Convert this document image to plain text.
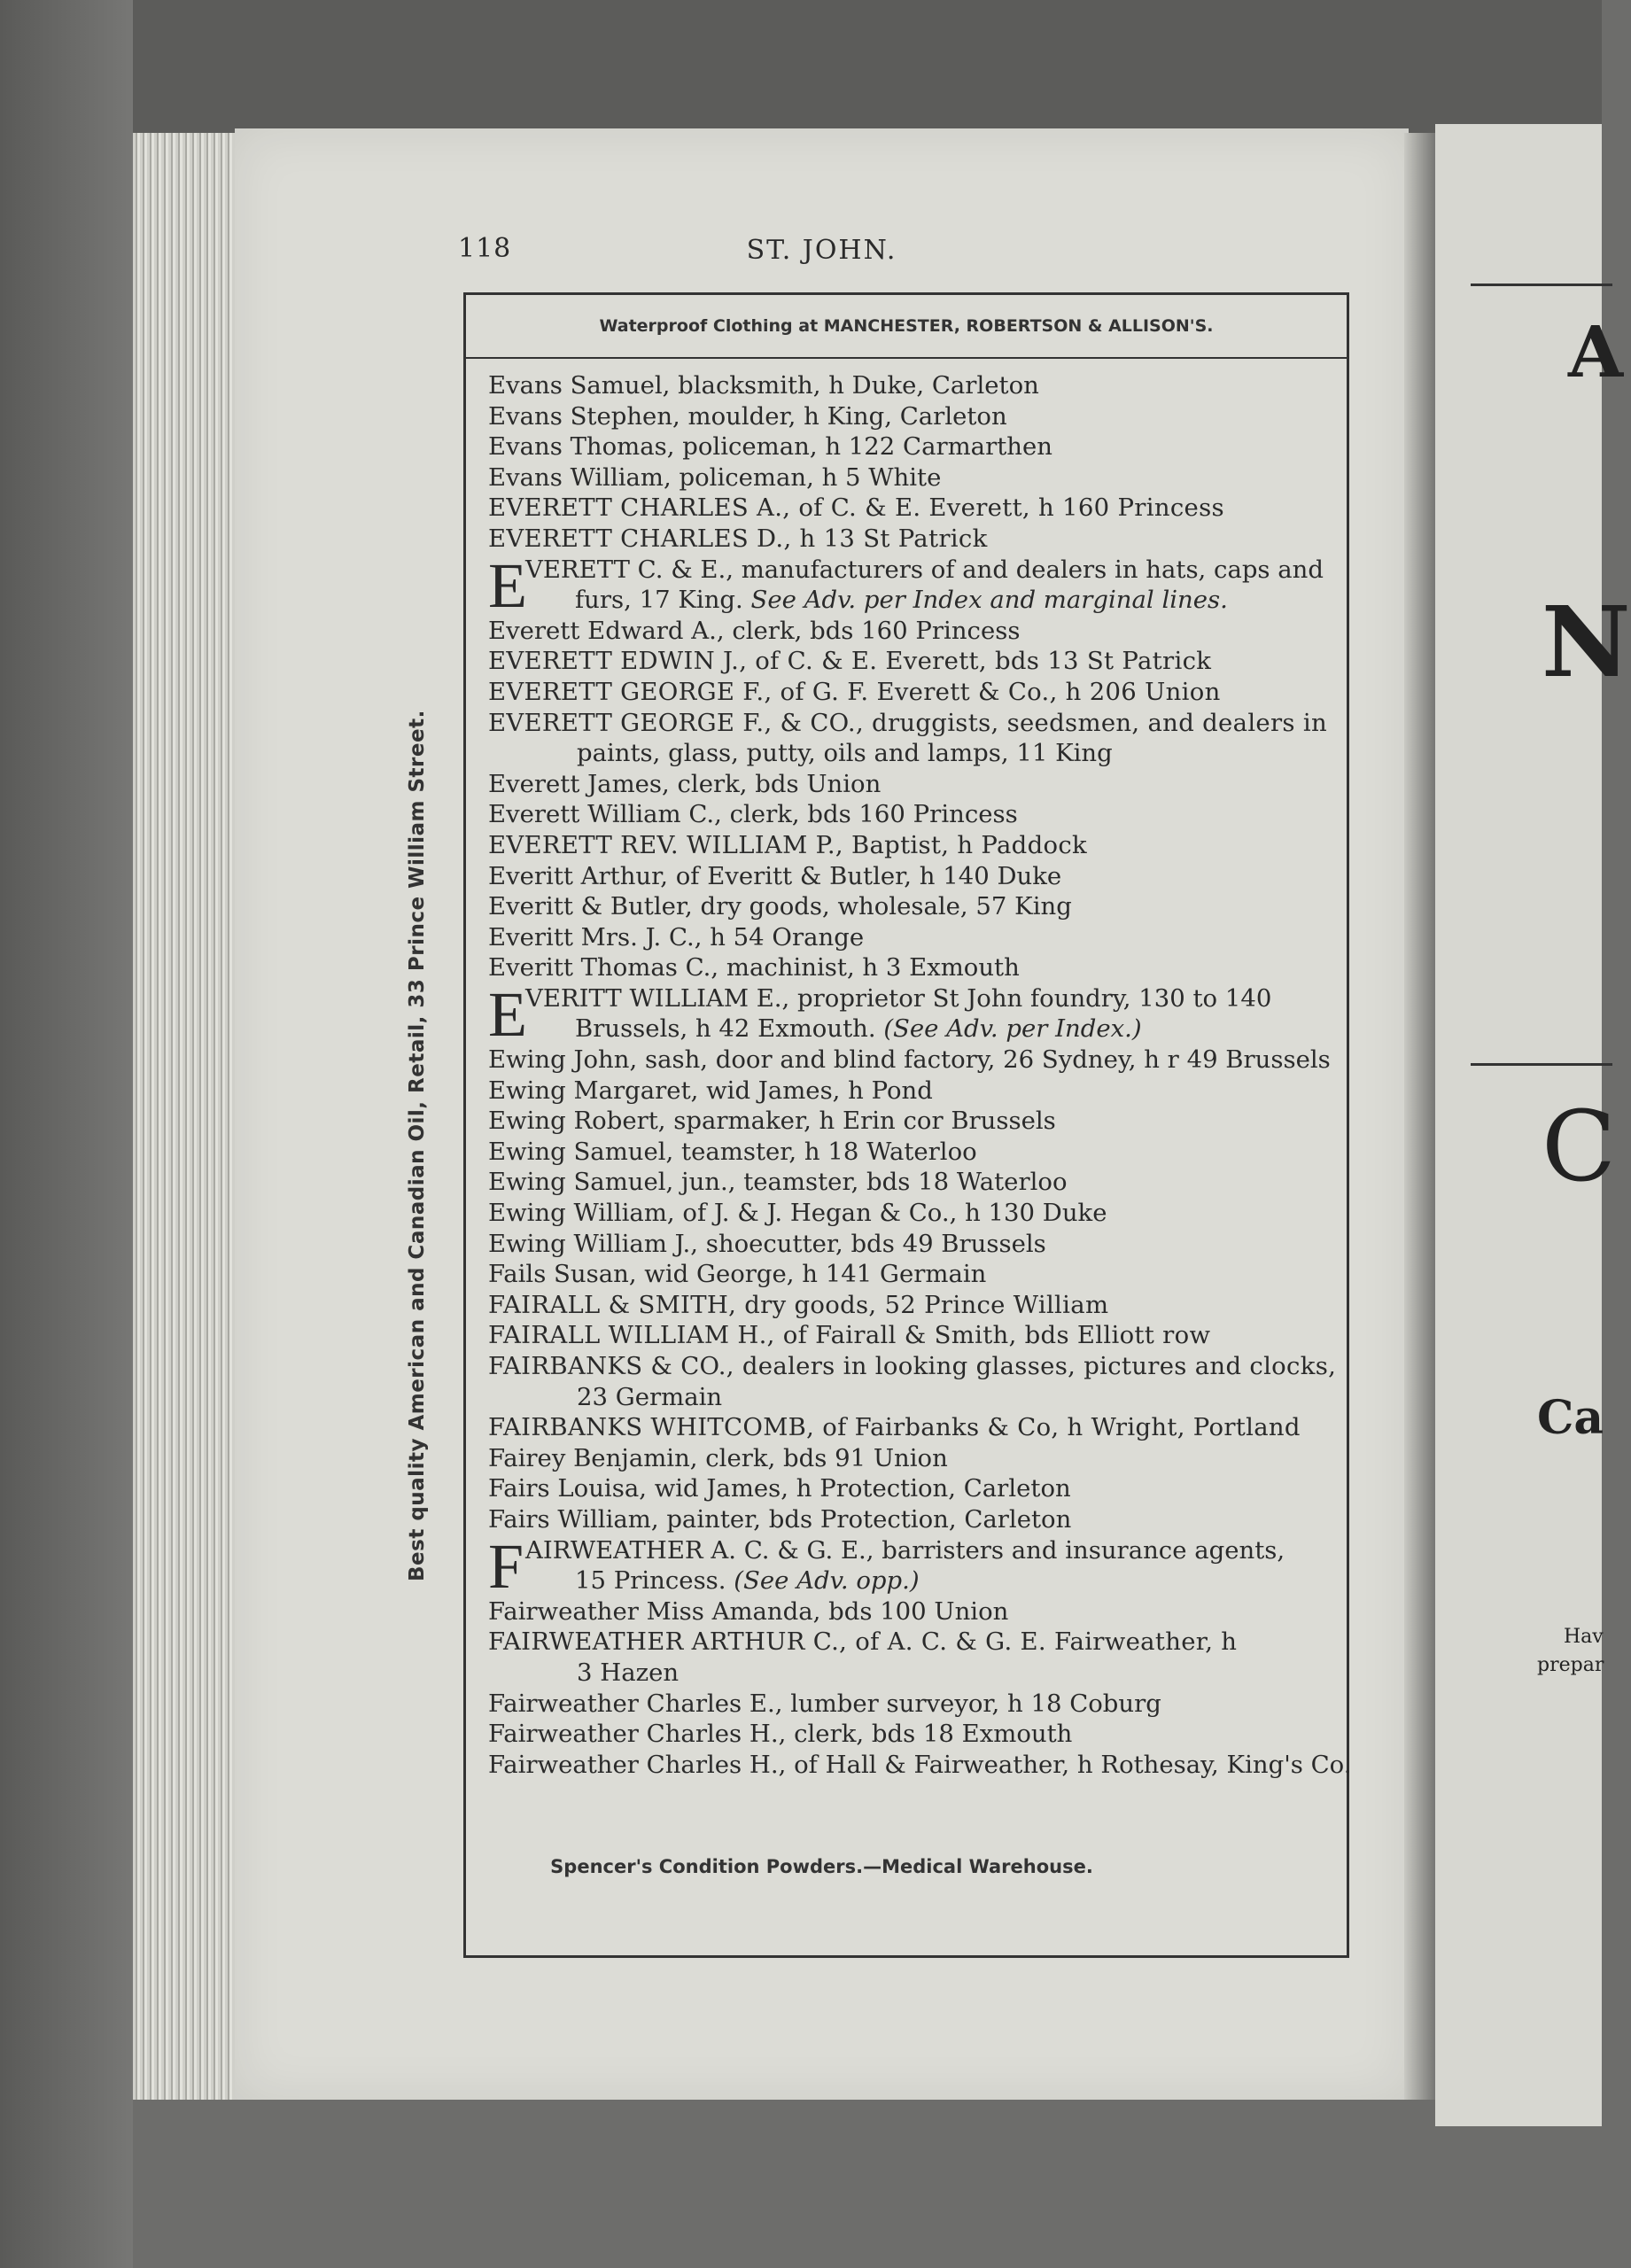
118	ST. JOHN.
Best quality American and Canadian Oil, Retail, 33 Prince William Street.
Waterproof Clothing at MANCHESTER, ROBERTSON & ALLISON'S.
Evans Samuel, blacksmith, h Duke, Carleton
Evans Stephen, moulder, h King, Carleton
Evans Thomas, policeman, h 122 Carmarthen
Evans William, policeman, h 5 White
EVERETT CHARLES A., of C. & E. Everett, h 160 Princess
EVERETT CHARLES D., h 13 St Patrick
E
VERETT C. & E., manufacturers of and dealers in hats, caps and
furs, 17 King. See Adv. per Index and marginal lines.
Everett Edward A., clerk, bds 160 Princess
EVERETT EDWIN J., of C. & E. Everett, bds 13 St Patrick
EVERETT GEORGE F., of G. F. Everett & Co., h 206 Union
EVERETT GEORGE F., & CO., druggists, seedsmen, and dealers in
paints, glass, putty, oils and lamps, 11 King
Everett James, clerk, bds Union
Everett William C., clerk, bds 160 Princess
EVERETT REV. WILLIAM P., Baptist, h Paddock
Everitt Arthur, of Everitt & Butler, h 140 Duke
Everitt & Butler, dry goods, wholesale, 57 King
Everitt Mrs. J. C., h 54 Orange
Everitt Thomas C., machinist, h 3 Exmouth
E
VERITT WILLIAM E., proprietor St John foundry, 130 to 140
Brussels, h 42 Exmouth. (See Adv. per Index.)
Ewing John, sash, door and blind factory, 26 Sydney, h r 49 Brussels
Ewing Margaret, wid James, h Pond
Ewing Robert, sparmaker, h Erin cor Brussels
Ewing Samuel, teamster, h 18 Waterloo
Ewing Samuel, jun., teamster, bds 18 Waterloo
Ewing William, of J. & J. Hegan & Co., h 130 Duke
Ewing William J., shoecutter, bds 49 Brussels
Fails Susan, wid George, h 141 Germain
FAIRALL & SMITH, dry goods, 52 Prince William
FAIRALL WILLIAM H., of Fairall & Smith, bds Elliott row
FAIRBANKS & CO., dealers in looking glasses, pictures and clocks,
23 Germain
FAIRBANKS WHITCOMB, of Fairbanks & Co, h Wright, Portland
Fairey Benjamin, clerk, bds 91 Union
Fairs Louisa, wid James, h Protection, Carleton
Fairs William, painter, bds Protection, Carleton
F AIRWEATHER A. C. & G. E., barristers and insurance agents,
15 Princess. (See Adv. opp.)
Fairweather Miss Amanda, bds 100 Union
FAIRWEATHER ARTHUR C., of A. C. & G. E. Fairweather, h
3 Hazen
Fairweather Charles E., lumber surveyor, h 18 Coburg
Fairweather Charles H., clerk, bds 18 Exmouth
Fairweather Charles H., of Hall & Fairweather, h Rothesay, King's Co.
Spencer's Condition Powders.—Medical Warehouse.
A
N
C
Ca
Hav
prepar
